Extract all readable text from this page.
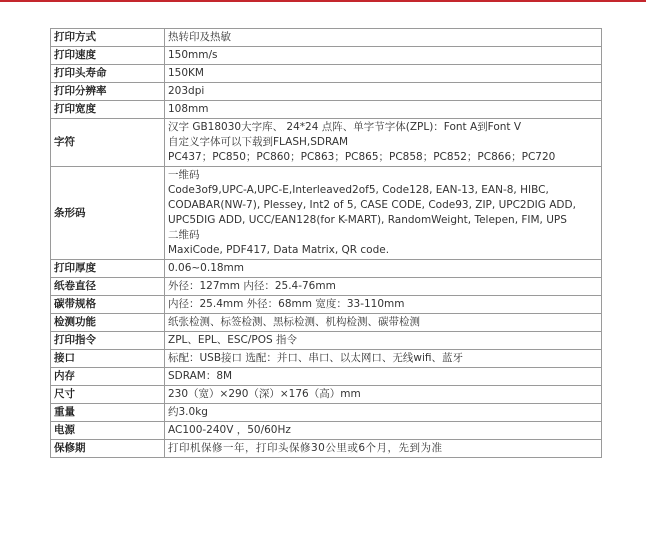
打印方式	热转印及热敏

打印速度	150mm/s

打印头寿命	150KM

打印分辨率	203dpi

打印宽度	108mm

字符	汉字 GB18030大字库、 24*24 点阵、单字节字体(ZPL)：Font A到Font V
自定义字体可以下载到FLASH,SDRAM
PC437；PC850；PC860；PC863；PC865；PC858；PC852；PC866；PC720

条形码	一维码
Code3of9,UPC-A,UPC-E,Interleaved2of5, Code128, EAN-13, EAN-8, HIBC, CODABAR(NW-7), Plessey, Int2 of 5, CASE CODE, Code93, ZIP, UPC2DIG ADD, UPC5DIG ADD, UCC/EAN128(for K-MART), RandomWeight, Telepen, FIM, UPS
二维码
MaxiCode, PDF417, Data Matrix, QR code.

打印厚度	0.06~0.18mm

纸卷直径	外径：127mm 内径：25.4-76mm

碳带规格	内径：25.4mm 外径：68mm 宽度：33-110mm

检测功能	纸张检测、标签检测、黑标检测、机构检测、碳带检测

打印指令	ZPL、EPL、ESC/POS 指令

接口	标配：USB接口 选配：并口、串口、以太网口、无线wifi、蓝牙

内存	SDRAM：8M

尺寸	230（宽）×290（深）×176（高）mm

重量	约3.0kg

电源	AC100-240V ，50/60Hz

保修期	打印机保修一年，打印头保修30公里或6个月，先到为准
